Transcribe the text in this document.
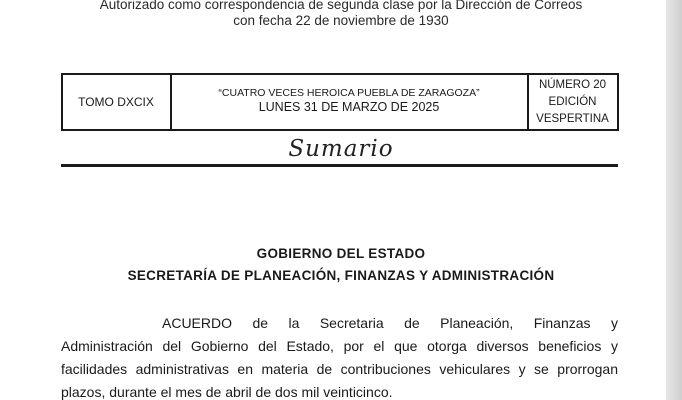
Autorizado como correspondencia de segunda clase por la Dirección de Correos
con fecha 22 de noviembre de 1930
TOMO DXCIX
“CUATRO VECES HEROICA PUEBLA DE ZARAGOZA”
LUNES 31 DE MARZO DE 2025
NÚMERO 20
EDICIÓN
VESPERTINA
Sumario
GOBIERNO DEL ESTADO
SECRETARÍA DE PLANEACIÓN, FINANZAS Y ADMINISTRACIÓN
ACUERDO de la Secretaria de Planeación, Finanzas y
Administración del Gobierno del Estado, por el que otorga diversos beneficios y
facilidades administrativas en materia de contribuciones vehiculares y se prorrogan
plazos, durante el mes de abril de dos mil veinticinco.
